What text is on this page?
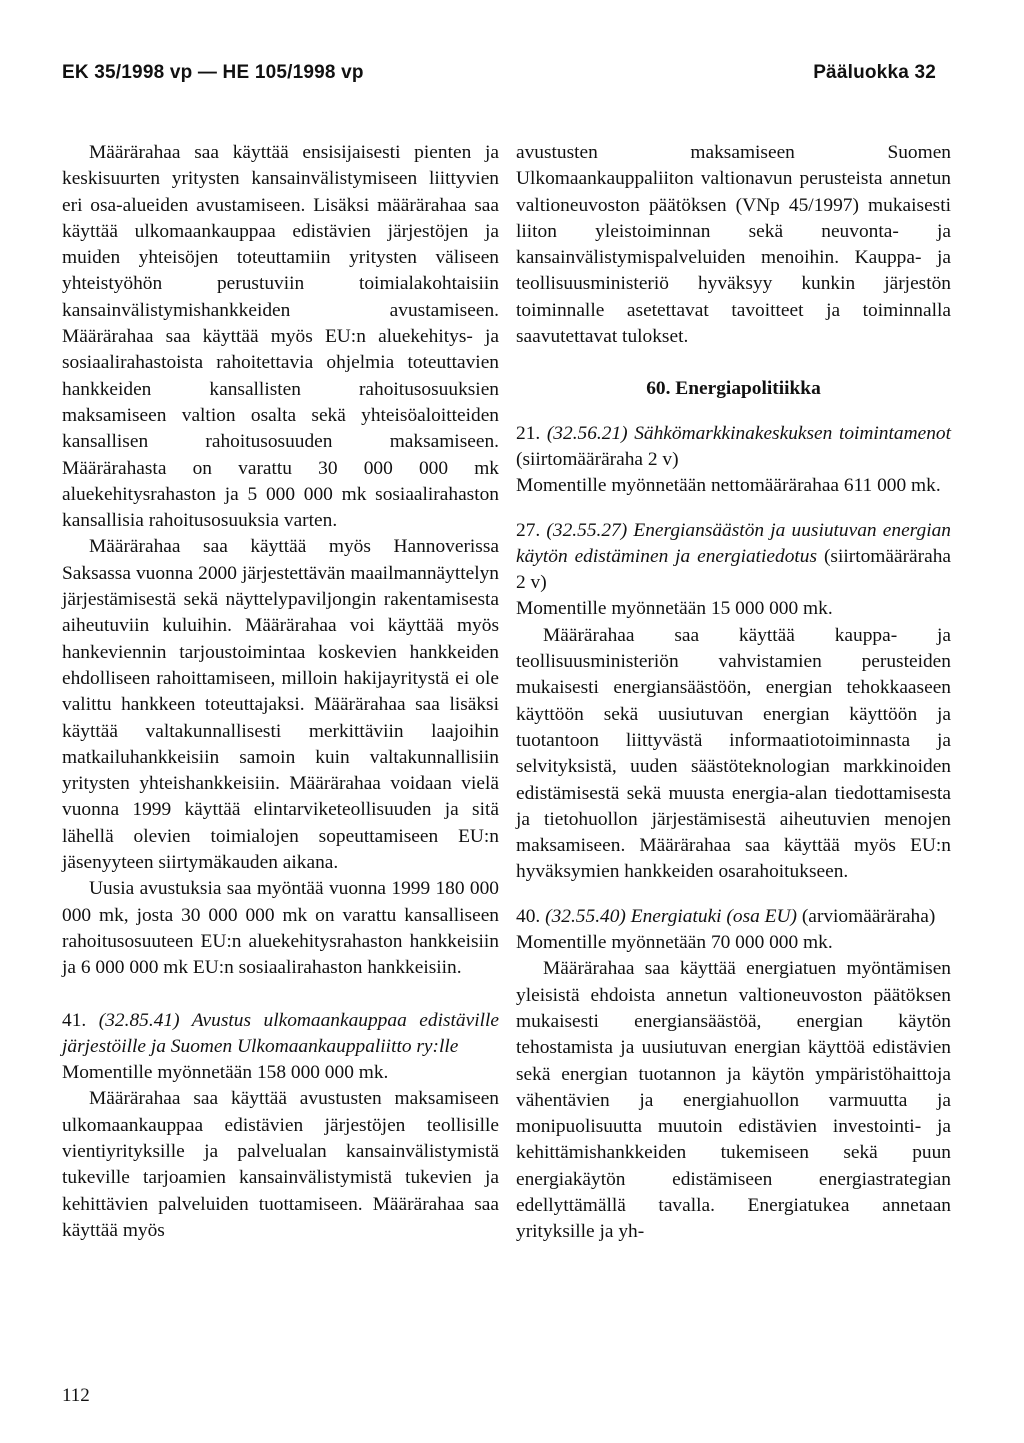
EK 35/1998 vp — HE 105/1998 vp	Pääluokka 32

Määrärahaa saa käyttää ensisijaisesti pienten ja keskisuurten yritysten kansainvälistymiseen liittyvien eri osa-alueiden avustamiseen. Lisäksi määrärahaa saa käyttää ulkomaankauppaa edistävien järjestöjen ja muiden yhteisöjen toteuttamiin yritysten väliseen yhteistyöhön perustuviin toimialakohtaisiin kansainvälistymishankkeiden avustamiseen. Määrärahaa saa käyttää myös EU:n aluekehitys- ja sosiaalirahastoista rahoitettavia ohjelmia toteuttavien hankkeiden kansallisten rahoitusosuuksien maksamiseen valtion osalta sekä yhteisöaloitteiden kansallisen rahoitusosuuden maksamiseen. Määrärahasta on varattu 30 000 000 mk aluekehitysrahaston ja 5 000 000 mk sosiaalirahaston kansallisia rahoitusosuuksia varten.

Määrärahaa saa käyttää myös Hannoverissa Saksassa vuonna 2000 järjestettävän maailmannäyttelyn järjestämisestä sekä näyttelypaviljongin rakentamisesta aiheutuviin kuluihin. Määrärahaa voi käyttää myös hankeviennin tarjoustoimintaa koskevien hankkeiden ehdolliseen rahoittamiseen, milloin hakijayritystä ei ole valittu hankkeen toteuttajaksi. Määrärahaa saa lisäksi käyttää valtakunnallisesti merkittäviin laajoihin matkailuhankkeisiin samoin kuin valtakunnallisiin yritysten yhteishankkeisiin. Määrärahaa voidaan vielä vuonna 1999 käyttää elintarviketeollisuuden ja sitä lähellä olevien toimialojen sopeuttamiseen EU:n jäsenyyteen siirtymäkauden aikana.

Uusia avustuksia saa myöntää vuonna 1999 180 000 000 mk, josta 30 000 000 mk on varattu kansalliseen rahoitusosuuteen EU:n aluekehitysrahaston hankkeisiin ja 6 000 000 mk EU:n sosiaalirahaston hankkeisiin.

41. (32.85.41) Avustus ulkomaankauppaa edistäville järjestöille ja Suomen Ulkomaankauppaliitto ry:lle

Momentille myönnetään 158 000 000 mk.

Määrärahaa saa käyttää avustusten maksamiseen ulkomaankauppaa edistävien järjestöjen teollisille vientiyrityksille ja palvelualan kansainvälistymistä tukeville tarjoamien kansainvälistymistä tukevien ja kehittävien palveluiden tuottamiseen. Määrärahaa saa käyttää myös

avustusten maksamiseen Suomen Ulkomaankauppaliiton valtionavun perusteista annetun valtioneuvoston päätöksen (VNp 45/1997) mukaisesti liiton yleistoiminnan sekä neuvonta- ja kansainvälistymispalveluiden menoihin. Kauppa- ja teollisuusministeriö hyväksyy kunkin järjestön toiminnalle asetettavat tavoitteet ja toiminnalla saavutettavat tulokset.

60. Energiapolitiikka

21. (32.56.21) Sähkömarkkinakeskuksen toimintamenot (siirtomääräraha 2 v)

Momentille myönnetään nettomäärärahaa 611 000 mk.

27. (32.55.27) Energiansäästön ja uusiutuvan energian käytön edistäminen ja energiatiedotus (siirtomääräraha 2 v)

Momentille myönnetään 15 000 000 mk.

Määrärahaa saa käyttää kauppa- ja teollisuusministeriön vahvistamien perusteiden mukaisesti energiansäästöön, energian tehokkaaseen käyttöön sekä uusiutuvan energian käyttöön ja tuotantoon liittyvästä informaatiotoiminnasta ja selvityksistä, uuden säästöteknologian markkinoiden edistämisestä sekä muusta energia-alan tiedottamisesta ja tietohuollon järjestämisestä aiheutuvien menojen maksamiseen. Määrärahaa saa käyttää myös EU:n hyväksymien hankkeiden osarahoitukseen.

40. (32.55.40) Energiatuki (osa EU) (arviomääräraha)

Momentille myönnetään 70 000 000 mk.

Määrärahaa saa käyttää energiatuen myöntämisen yleisistä ehdoista annetun valtioneuvoston päätöksen mukaisesti energiansäästöä, energian käytön tehostamista ja uusiutuvan energian käyttöä edistävien sekä energian tuotannon ja käytön ympäristöhaittoja vähentävien ja energiahuollon varmuutta ja monipuolisuutta muutoin edistävien investointi- ja kehittämishankkeiden tukemiseen sekä puun energiakäytön edistämiseen energiastrategian edellyttämällä tavalla. Energiatukea annetaan yrityksille ja yh-

112
